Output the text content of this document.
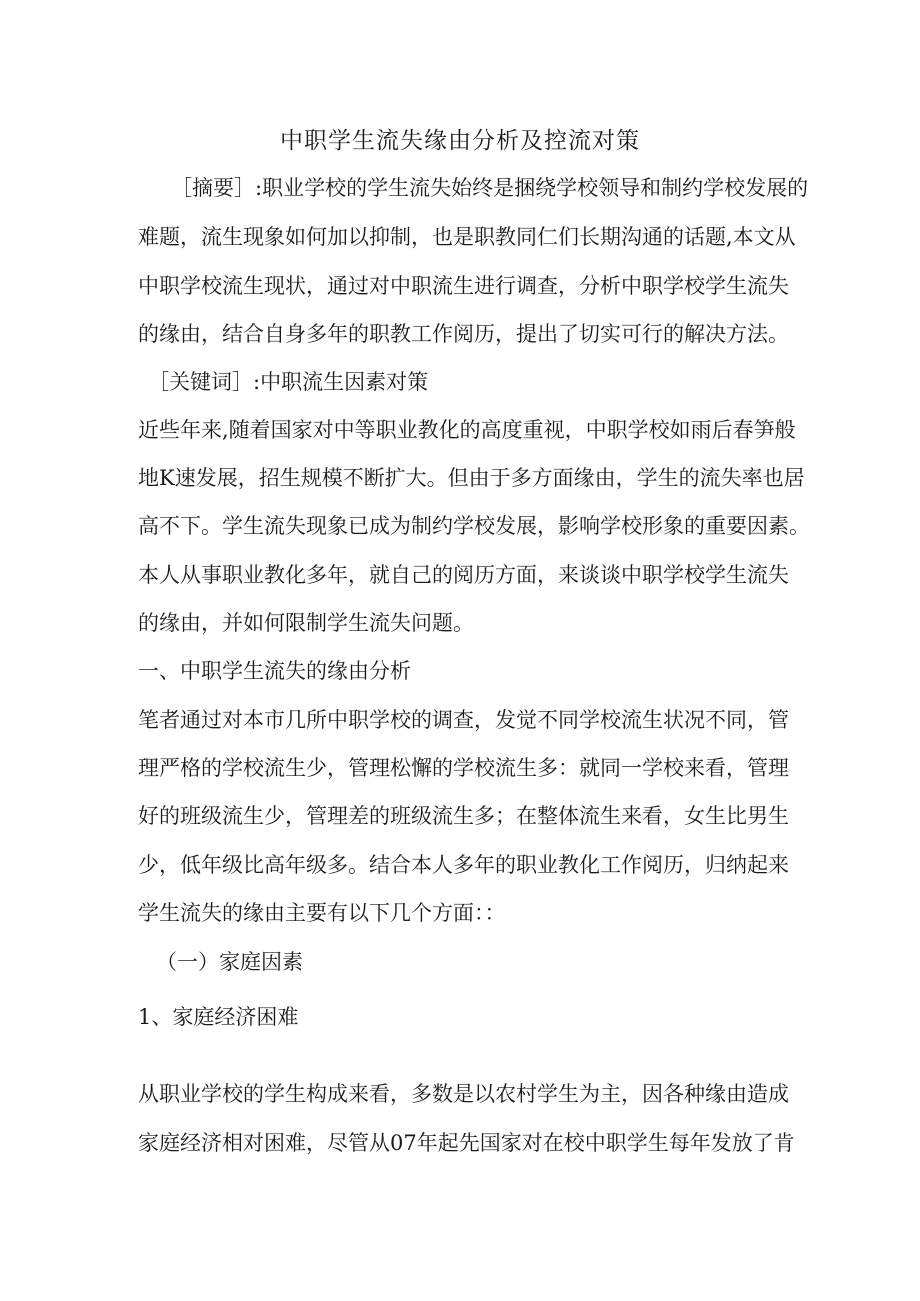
中职学生流失缘由分析及控流对策

［摘要］:职业学校的学生流失始终是捆绕学校领导和制约学校发展的

难题，流生现象如何加以抑制，也是职教同仁们长期沟通的话题,本文从

中职学校流生现状，通过对中职流生进行调查，分析中职学校学生流失

的缘由，结合自身多年的职教工作阅历，提出了切实可行的解决方法。

［关键词］:中职流生因素对策

近些年来,随着国家对中等职业教化的高度重视，中职学校如雨后春笋般

地K速发展，招生规模不断扩大。但由于多方面缘由，学生的流失率也居

高不下。学生流失现象已成为制约学校发展，影响学校形象的重要因素。

本人从事职业教化多年，就自己的阅历方面，来谈谈中职学校学生流失

的缘由，并如何限制学生流失问题。

一、中职学生流失的缘由分析

笔者通过对本市几所中职学校的调查，发觉不同学校流生状况不同，管

理严格的学校流生少，管理松懈的学校流生多：就同一学校来看，管理

好的班级流生少，管理差的班级流生多；在整体流生来看，女生比男生

少，低年级比高年级多。结合本人多年的职业教化工作阅历，归纳起来

学生流失的缘由主要有以下几个方面：：

（一）家庭因素

1、家庭经济困难

从职业学校的学生构成来看，多数是以农村学生为主，因各种缘由造成

家庭经济相对困难，尽管从07年起先国家对在校中职学生每年发放了肯
